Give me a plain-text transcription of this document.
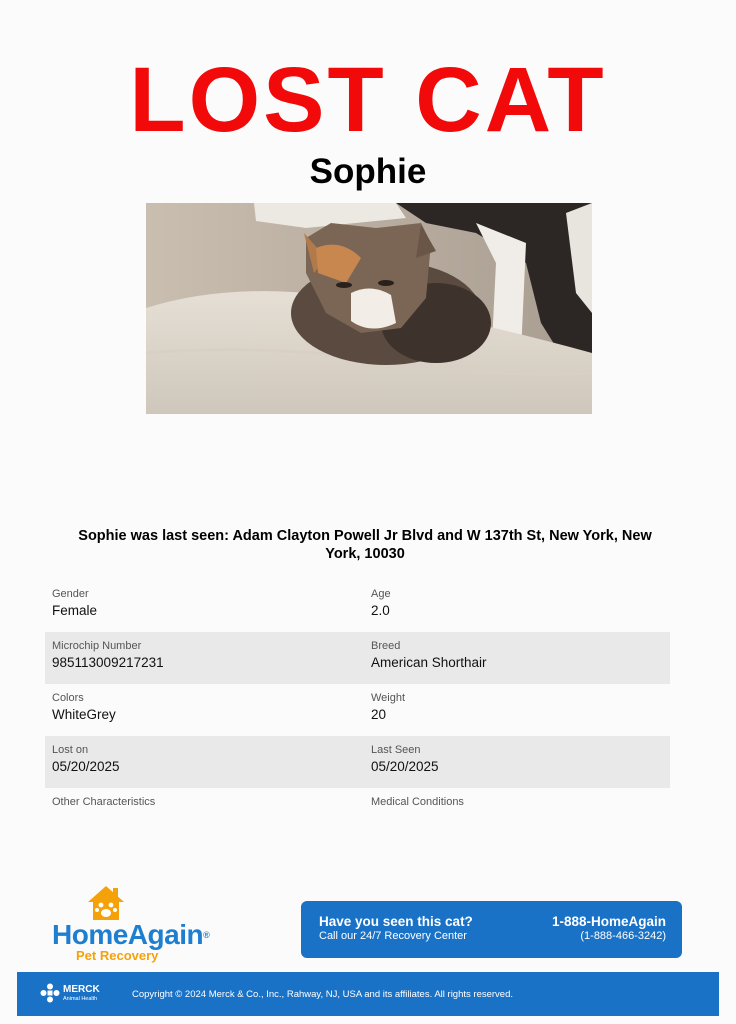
LOST CAT
Sophie

Sophie was last seen: Adam Clayton Powell Jr Blvd and W 137th St, New York, New York, 10030

Gender
Female
Age
2.0
Microchip Number
985113009217231
Breed
American Shorthair
Colors
WhiteGrey
Weight
20
Lost on
05/20/2025
Last Seen
05/20/2025
Other Characteristics	Medical Conditions
HomeAgain®
Pet Recovery
Have you seen this cat?
Call our 24/7 Recovery Center
1-888-HomeAgain
(1-888-466-3242)
MERCK
Animal Health	Copyright © 2024 Merck & Co., Inc., Rahway, NJ, USA and its affiliates. All rights reserved.
